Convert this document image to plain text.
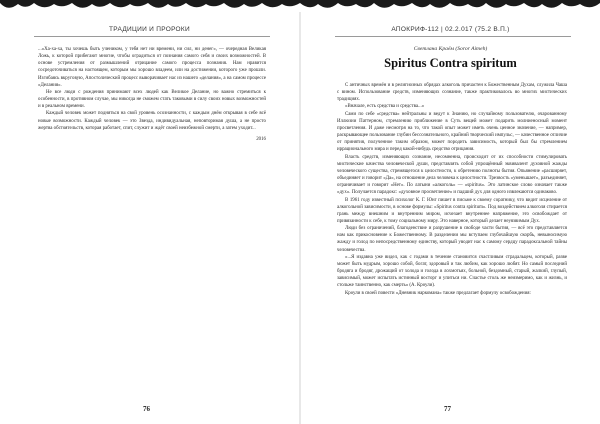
ТРАДИЦИИ И ПРОРОКИ

...«Ха-ха-ха, ты хочешь быть учеником, у тебя нет ни времени, ни сил, ни денег», — очередная Великая Ложь, к которой прибегают многие, чтобы оградиться от познания самого себя и своих возможностей. В основе устремления от размышлений отрицание самого процесса познания. Нам нравится сосредоточиваться на настоящем, которым мы хорошо владеем, или на достижении, которого уже прошли. Изгибаясь вкруговую, Апостолический процесс выворачивает нас из нашего «делания», а на самом процессе «Делания».

Не все люди с рождения принимают всех людей как Великое Делание, но важно стремиться к особенности, в противном случае, мы никогда не сможем стать таковыми в силу своих новых возможностей и в реальном времени.

Каждый человек может подняться на свой уровень осознанности, с каждым днём открывая в себе всё новые возможности. Каждый человек — это Звезда, индивидуальная, неповторимая душа, а не просто жертва обстоятельств, которая работает, спит, служит и ждёт своей неизбежной смерти, а затем уходит...

2016
76
АПОКРИФ-112 | 02.2.017 (75.2 В.П.)
Светлана Краём (Soror Aimeh)
Spiritus Contra spiritum

С античных времён и в религиозных обрядах алкоголь причастен к Божественным Духам, служила Чаша с вином. Использование средств, изменяющих сознание, также практиковалось во многих мистических традициях.

«Вначале, есть средства и средства...»

Сами по себе «средства» нейтральны и ведут к Знанию, но случайному пользователю, очарованному Иллюзии Паттерном, стремлению приближение в Суть вещей может подарить молниеносный момент просветления. И даже несмотря на то, что такой опыт может иметь очень ценное значение, — например, раскрывающее пользование глубин бессознательного, крайний творческий импульс, — качественное отличие от принятия, полученное таким образом, может породить зависимость, который был бы стремлением иррационального мира и перед какой-нибудь средство отрицания.

Власть средств, изменяющих сознание, несомненна, происходит от их способности стимулировать мистические качества человеческой души, представлять собой упрощённый эквивалент духовной жажды человеческого существа, стремящегося к целостности, к обретению полноты бытия. Опьянение «расширяет, объединяет и говорит «Да», на отношение дела человека к целостности. Трезвость «уменьшает», разъединяет, ограничивает и говорит «Нет». По латыни «алкоголь» — «spiritus». Это латинское слово означает также «дух». Получается парадокс: «духовное просветление» и падший дух для одного извлекаются одинаково.

В 1961 году известный психолог К. Г. Юнг пишет в письме к своему соратнику, что видит исцеление от алкогольной зависимости, в основе формулы: «Spiritus contra spiritum». Под воздействием алкоголя стирается грань между внешним и внутренним миром, исчезает внутреннее напряжение, это освобождает от привязанности к себе, к тому социальному миру. Это наверное, который делает неуязвимым Дух.

Люди без ограничений, благоденствие и разрушение в свободе части бытия, — всё это представляется нам как прикосновение к Божественному. В разделении мы вступаем глубочайшую скорбь, невыносимую жажду и голод по непосредственному единству, который уводит нас к самому сердцу парадоксальной тайны человечества.

«...Я издавна уже видел, как с годами в течение становится счастливым страдальцем, который, разве может быть мудрым, хорошо собой, богат, здоровый и так любим, как хорошо любят. Но самый последний бродяга и бродяг, дрожащий от холода и голода в лохмотьях, больной, бездомный, старый, жалкий, глупый, зависимый, может испытать истинный восторг и упиться ни. Счастье столь же неизмеримо, как и жизнь, и стольже таинственно, как смерть» (А. Кроули).

Кроули в своей повести «Дневник наркомана» также предлагает формулу освобождения:

77
